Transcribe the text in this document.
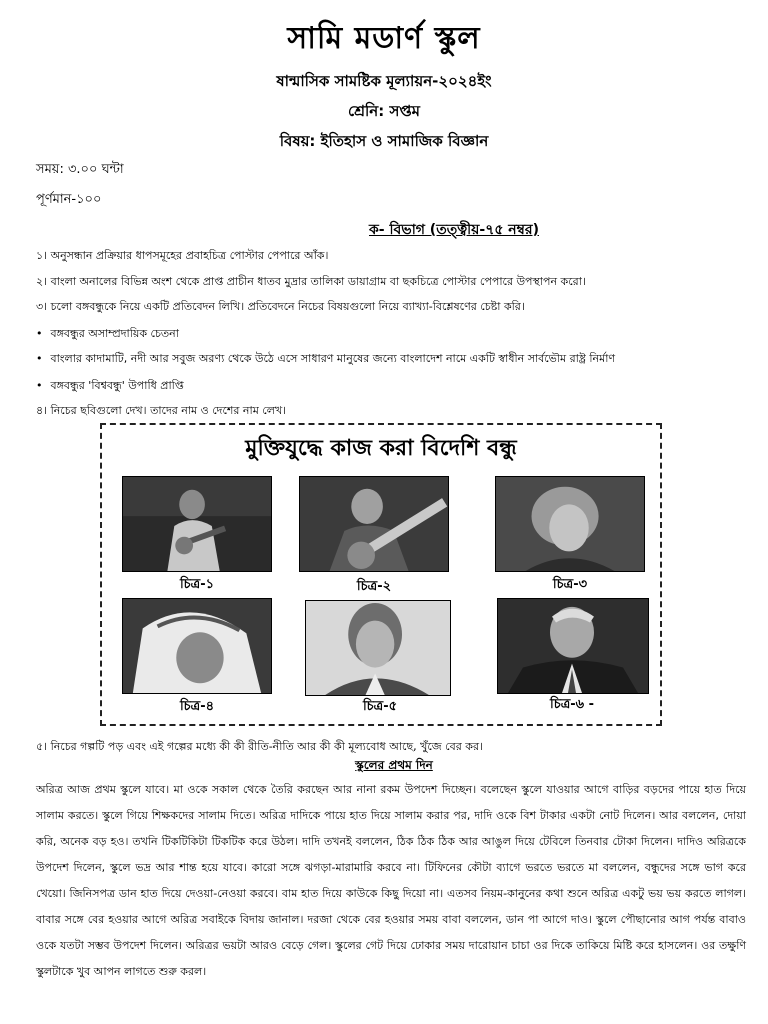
সামি মডার্ণ স্কুল
ষান্মাসিক সামষ্টিক মূল্যায়ন-২০২৪ইং
শ্রেনি: সপ্তম
বিষয়: ইতিহাস ও সামাজিক বিজ্ঞান
সময়: ৩.০০ ঘন্টা
পূর্ণমান-১০০
ক- বিভাগ (তত্ত্বীয়-৭৫ নম্বর)
১। অনুসন্ধান প্রক্রিয়ার ধাপসমূহের প্রবাহচিত্র পোস্টার পেপারে আঁক।
২। বাংলা অনালের বিভিন্ন অংশ থেকে প্রাপ্ত প্রাচীন ধাতব মুদ্রার তালিকা ডায়াগ্রাম বা ছকচিত্রে পোস্টার পেপারে উপস্থাপন করো।
৩। চলো বঙ্গবন্ধুকে নিয়ে একটি প্রতিবেদন লিখি। প্রতিবেদনে নিচের বিষয়গুলো নিয়ে ব্যাখ্যা-বিশ্লেষণের চেষ্টা করি।
• বঙ্গবন্ধুর অসাম্প্রদায়িক চেতনা
• বাংলার কাদামাটি, নদী আর সবুজ অরণ্য থেকে উঠে এসে সাধারণ মানুষের জন্যে বাংলাদেশ নামে একটি স্বাধীন সার্বভৌম রাষ্ট্র নির্মাণ
• বঙ্গবন্ধুর 'বিশ্ববন্ধু' উপাধি প্রাপ্তি
৪। নিচের ছবিগুলো দেখ। তাদের নাম ও দেশের নাম লেখ।
মুক্তিযুদ্ধে কাজ করা বিদেশি বন্ধু
চিত্র-১	চিত্র-২	চিত্র-৩
চিত্র-৪	চিত্র-৫	চিত্র-৬ -
৫। নিচের গল্পটি পড় এবং এই গল্পের মধ্যে কী কী রীতি-নীতি আর কী কী মূল্যবোধ আছে, খুঁজে বের কর।
স্কুলের প্রথম দিন
অরিত্র আজ প্রথম স্কুলে যাবে। মা ওকে সকাল থেকে তৈরি করছেন আর নানা রকম উপদেশ দিচ্ছেন। বলেছেন স্কুলে যাওয়ার আগে বাড়ির বড়দের পায়ে হাত দিয়ে সালাম করতে। স্কুলে গিয়ে শিক্ষকদের সালাম দিতে। অরিত্র দাদিকে পায়ে হাত দিয়ে সালাম করার পর, দাদি ওকে বিশ টাকার একটা নোট দিলেন। আর বললেন, দোয়া করি, অনেক বড় হও। তখনি টিকটিকিটা টিকটিক করে উঠল। দাদি তখনই বললেন, ঠিক ঠিক ঠিক আর আঙুল দিয়ে টেবিলে তিনবার টোকা দিলেন। দাদিও অরিত্রকে উপদেশ দিলেন, স্কুলে ভদ্র আর শান্ত হয়ে যাবে। কারো সঙ্গে ঝগড়া-মারামারি করবে না। টিফিনের কৌটা ব্যাগে ভরতে ভরতে মা বললেন, বন্ধুদের সঙ্গে ভাগ করে খেয়ো। জিনিসপত্র ডান হাত দিয়ে দেওয়া-নেওয়া করবে। বাম হাত দিয়ে কাউকে কিছু দিয়ো না। এতসব নিয়ম-কানুনের কথা শুনে অরিত্র একটু ভয় ভয় করতে লাগল। বাবার সঙ্গে বের হওয়ার আগে অরিত্র সবাইকে বিদায় জানাল। দরজা থেকে বের হওয়ার সময় বাবা বললেন, ডান পা আগে দাও। স্কুলে পৌছানোর আগ পর্যন্ত বাবাও ওকে যতটা সম্ভব উপদেশ দিলেন। অরিত্রর ভয়টা আরও বেড়ে গেল। স্কুলের গেট দিয়ে ঢোকার সময় দারোয়ান চাচা ওর দিকে তাকিয়ে মিষ্টি করে হাসলেন। ওর তক্ষুণি স্কুলটাকে খুব আপন লাগতে শুরু করল।
